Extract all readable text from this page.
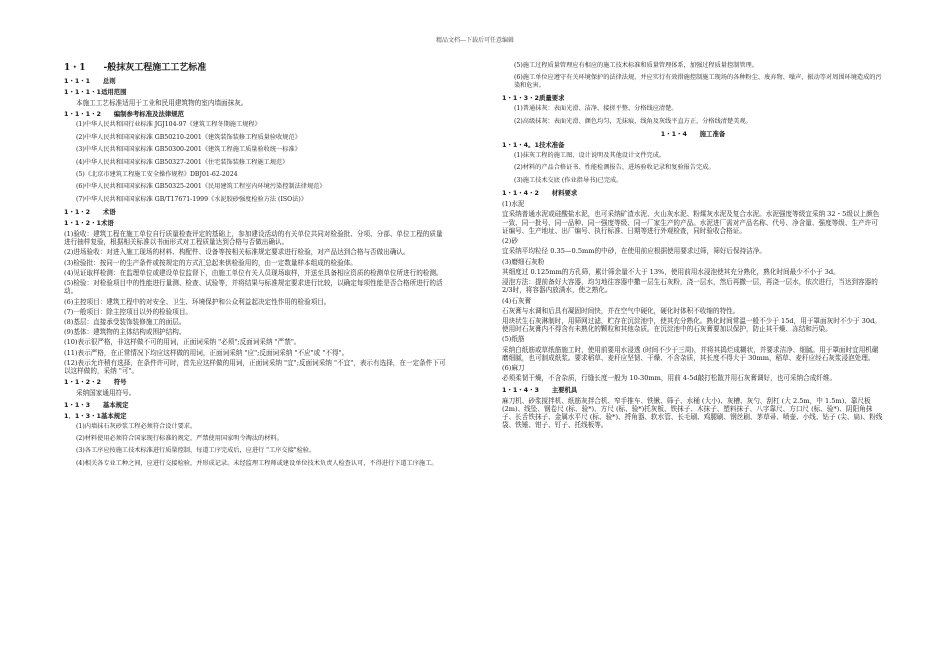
精品文档---下载后可任意编辑
1・1　　-般抹灰工程施工工艺标准
1・1・1　　总则
1・1・1・1适用范围
本施工工艺标准适用于工业和民用建筑物的室内墙面抹灰。
1・1・1・2　　编制参考标准及法律规范
(1)中华人民共和国行业标准 JGJ104-97《建筑工程冬期施工规程》
(2)中华人民共和国国家标准 GB50210-2001《建筑装饰装修工程质量验收规范》
(3)中华人民共和国国家标准 GB50300-2001《建筑工程施工质量验收统一标准》
(4)中华人民共和国国家标准 GB50327-2001《住宅装饰装修工程施工规范》
(5)《北京市建筑工程施工安全操作规程》DBJ01-62-2024
(6)中华人民共和国国家标准 GB50325-2001《民用建筑工程室内环境污染控制法律规范》
(7)中华人民共和国国家标准 GB/T17671-1999《水泥胶砂强度检验方法 (ISO法)》
1・1・2　　术语
1・1・2・1术语
(1)验收：建筑工程在施工单位自行质量检查评定的基础上，参加建设活动的有关单位共同对检验批、分项、分部、单位工程的质量进行抽样复验，根据相关标准以书面形式对工程质量达到合格与否做出确认。
(2)进场验收：对进入施工现场的材料、构配件、设备等按相关标准规定要求进行检验，对产品达到合格与否做出确认。
(3)检验批：按同一的生产条件或按规定的方式汇总起来供检验用的，由一定数量样本组成的检验体。
(4)见证取样检测：在监理单位或建设单位监督下，由施工单位有关人员现场取样，并送至具备相应资质的检测单位所进行的检测。
(5)检验：对检验项目中的性能进行量测、检查、试验等，并将结果与标准规定要求进行比较，以确定每项性能是否合格所进行的活动。
(6)主控项目：建筑工程中的对安全、卫生、环境保护和公众利益起决定性作用的检验项目。
(7)一般项目：除主控项目以外的检验项目。
(8)基层：直接承受装饰装修施工的面层。
(9)基体：建筑物的主体结构或围护结构。
(10)表示很严格，非这样做不可的用词，正面词采纳 "必须";反面词采纳 "严禁"。
(11)表示严格，在正常情况下均应这样做的用词，正面词采纳 "应";反面词采纳 "不应"或 "不得"。
(12)表示允许稍有选择，在条件许可时，首先应这样做的用词，正面词采纳 "宜";反面词采纳 "不宜"，表示有选择，在一定条件下可以这样做的，采纳 "可"。
1・1・2・2　　符号
采纳国家通用符号。
1・1・3　　基本规定
1．1・3・1基本规定
(1)内墙抹石灰砂浆工程必须符合设计要求。
(2)材料使用必须符合国家现行标准的规定，严禁使用国家明令淘汰的材料。
(3)各工序应按施工技术标准进行质量控制，每道工序完成后，应进行 "工序交接"检验。
(4)相关各专业工种之间，应进行交接检验，并形成记录。未经监理工程师或建设单位技术负责人检查认可，不得进行下道工序施工。
(5)施工过程质量管理应有相应的施工技术标准和质量管理体系，加强过程质量控制管理。
(6)施工单位应遵守有关环境保护的法律法规，并应实行有效措施控制施工现场的各种粉尘、废弃物、噪声、振动等对周围环境造成的污染和危害。
1・1・3・2质量要求
(1)普通抹灰：表面光滑、洁净、接搓平整、分格线应清楚。
(2)高级抹灰：表面光滑、颜色均匀，无抹痕，线角及灰线平直方正，分格线清楚美观。
1・1・4　　施工准备
1・1・4。1技术准备
(1)抹灰工程的施工图、设计说明及其他设计文件完成。
(2)材料的产品合格证书、性能检测报告、进场验收记录和复验报告完成。
(3)施工技术交底 (作业指导书)已完成。
1・1・4・2　　材料要求
(1)水泥
宜采纳普通水泥或硅酸盐水泥，也可采纳矿渣水泥、火山灰水泥、粉煤灰水泥及复合水泥。水泥强度等级宜采纳 32・5级以上颜色一致、同一批号、同一品种、同一强度等级、同一厂家生产的产品。水泥进厂需对产品名称、代号、净含量、强度等级、生产许可证编号、生产地址、出厂编号、执行标准、日期等进行外观检查，同时验收合格证。
(2)砂
宜采纳平均粒径 0.35—0.5mm的中砂，在使用前应根据使用要求过筛，筛好后保持洁净。
(3)磨细石灰粉
其细度过 0.125mm的方孔筛，累计筛余量不大于 13%，使用前用水浸泡使其充分熟化，熟化时间最少不小于 3d。
浸泡方法：提前备好大容器，均匀地往容器中撒一层生石灰粉，浇一层水，然后再撒一层，再浇一层水，依次进行，当达到容器的 2/3时，将容器内放满水，使之熟化。
(4)石灰膏
石灰膏与水调和后具有凝固时间快，并在空气中硬化，硬化时体积不收缩的特性。
用块状生石灰淋制时，用筛网过滤，贮存在沉淀池中，使其充分熟化。熟化时间常温一般不少于 15d，用于罩面灰时不少于 30d。使用时石灰膏内不得含有未熟化的颗粒和其他杂质。在沉淀池中的石灰膏要加以保护，防止其干燥、冻结和污染。
(5)纸筋
采纳白纸筋或草纸筋施工时，使用前要用水浸透 (时间不少于三周)，并将其捣烂成糊状，并要求洁净、细腻。用于罩面时宜用机碾磨细腻，也可制成纸浆。要求稻草、麦秆应坚韧、干燥、不含杂质，其长度不得大于 30mm，稻草、麦秆应经石灰浆浸泡处理。
(6)麻刀
必须柔韧干燥，不含杂质，行缝长度一般为 10-30mm，用前 4-5d敲打松散并用石灰膏调好，也可采纳合成纤维。
1・1・4・3　　主要机具
麻刀机、砂浆搅拌机、纸筋灰拌合机、窄手推车、铁锹、筛子、水桶 (大小)、灰槽、灰勺、刮杠 (大 2.5m，中 1.5m)、靠尺板 (2m)、线坠、钢卷尺 (标、验*)、方尺 (标、验*)托灰板、铁抹子、木抹子、塑料抹子、八字靠尺、方口尺 (标、验*)、阴阳角抹子、长舌铁抹子、金属水平尺 (标、验*)、捋角器、软水管、长毛刷、鸡腿刷、钢丝刷、茅草帚、喷壶、小线、钻子 (尖、扁)、粉线袋、铁锤、钳子、钉子、托线板等。
